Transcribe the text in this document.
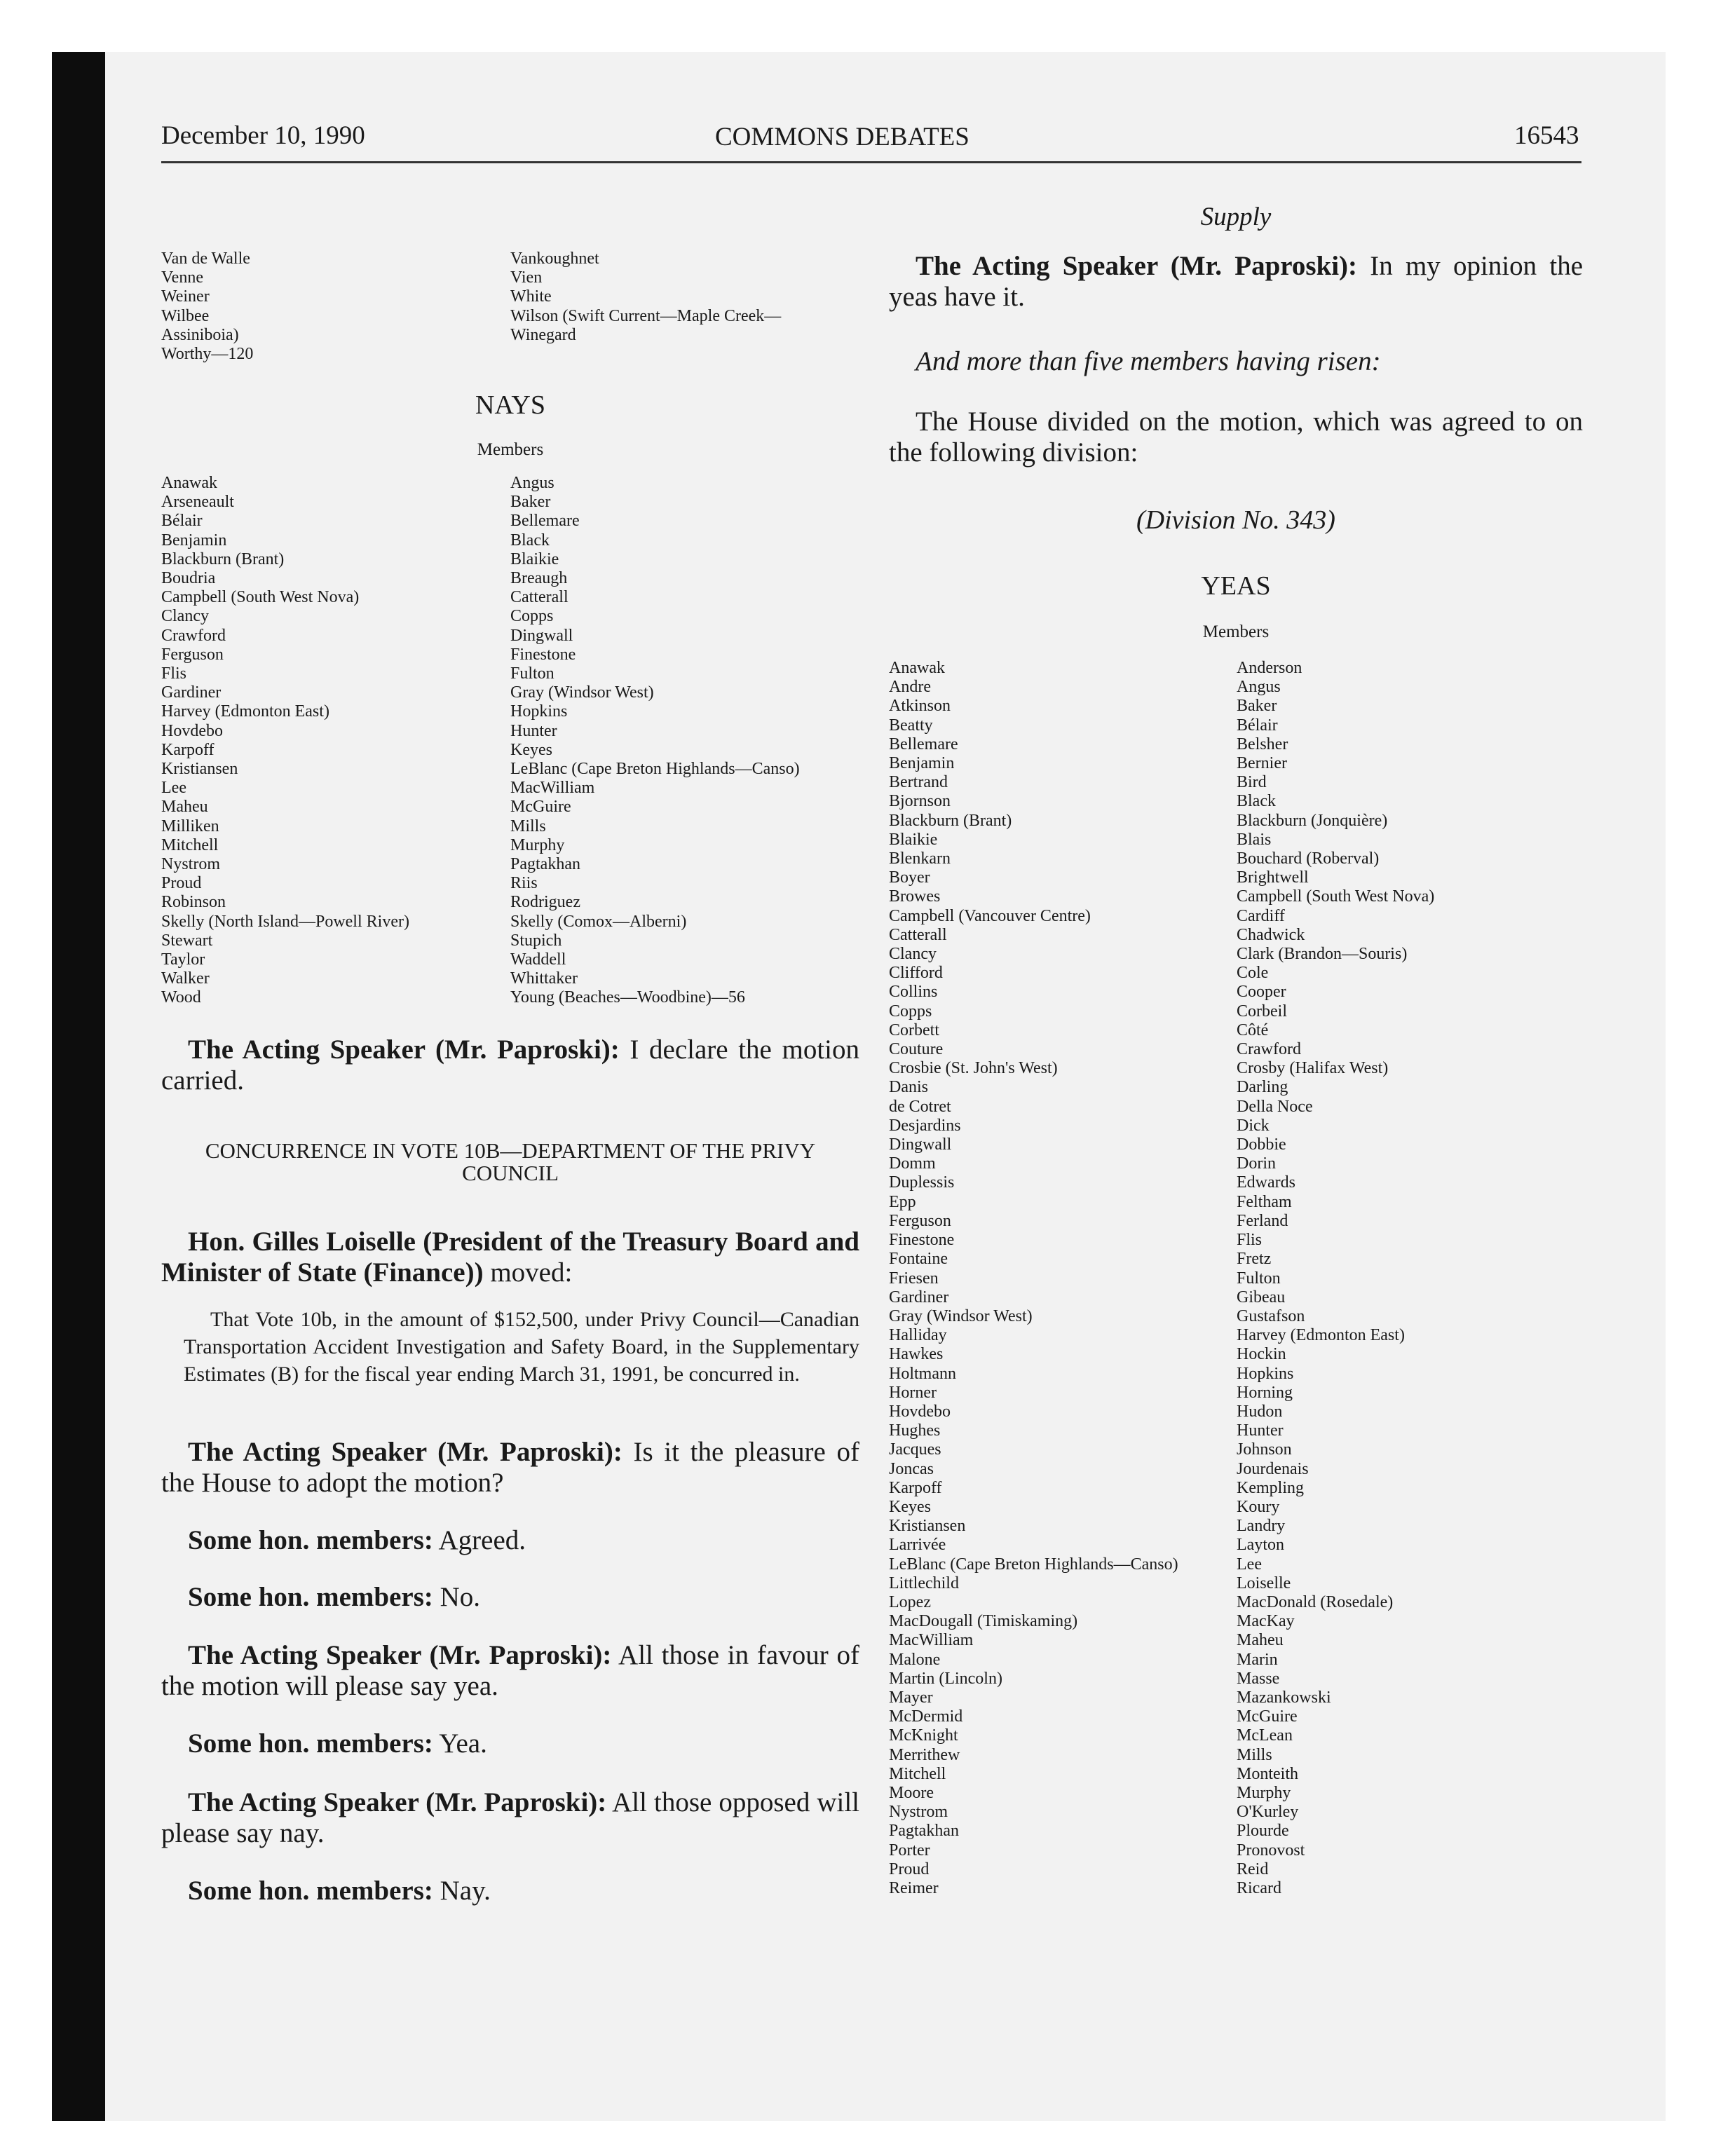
December 10, 1990	COMMONS DEBATES	16543
Van de Walle
Venne
Weiner
Wilbee
Assiniboia)
Worthy—120
Vankoughnet
Vien
White
Wilson (Swift Current—Maple Creek—
Winegard
NAYS
Members
Anawak
Arseneault
Bélair
Benjamin
Blackburn (Brant)
Boudria
Campbell (South West Nova)
Clancy
Crawford
Ferguson
Flis
Gardiner
Harvey (Edmonton East)
Hovdebo
Karpoff
Kristiansen
Lee
Maheu
Milliken
Mitchell
Nystrom
Proud
Robinson
Skelly (North Island—Powell River)
Stewart
Taylor
Walker
Wood
Angus
Baker
Bellemare
Black
Blaikie
Breaugh
Catterall
Copps
Dingwall
Finestone
Fulton
Gray (Windsor West)
Hopkins
Hunter
Keyes
LeBlanc (Cape Breton Highlands—Canso)
MacWilliam
McGuire
Mills
Murphy
Pagtakhan
Riis
Rodriguez
Skelly (Comox—Alberni)
Stupich
Waddell
Whittaker
Young (Beaches—Woodbine)—56
The Acting Speaker (Mr. Paproski): I declare the motion carried.
CONCURRENCE IN VOTE 10B—DEPARTMENT OF THE PRIVY COUNCIL
Hon. Gilles Loiselle (President of the Treasury Board and Minister of State (Finance)) moved:
That Vote 10b, in the amount of $152,500, under Privy Council—Canadian Transportation Accident Investigation and Safety Board, in the Supplementary Estimates (B) for the fiscal year ending March 31, 1991, be concurred in.
The Acting Speaker (Mr. Paproski): Is it the pleasure of the House to adopt the motion?
Some hon. members: Agreed.
Some hon. members: No.
The Acting Speaker (Mr. Paproski): All those in favour of the motion will please say yea.
Some hon. members: Yea.
The Acting Speaker (Mr. Paproski): All those opposed will please say nay.
Some hon. members: Nay.
Supply
The Acting Speaker (Mr. Paproski): In my opinion the yeas have it.
And more than five members having risen:
The House divided on the motion, which was agreed to on the following division:
(Division No. 343)
YEAS
Members
Anawak
Andre
Atkinson
Beatty
Bellemare
Benjamin
Bertrand
Bjornson
Blackburn (Brant)
Blaikie
Blenkarn
Boyer
Browes
Campbell (Vancouver Centre)
Catterall
Clancy
Clifford
Collins
Copps
Corbett
Couture
Crosbie (St. John's West)
Danis
de Cotret
Desjardins
Dingwall
Domm
Duplessis
Epp
Ferguson
Finestone
Fontaine
Friesen
Gardiner
Gray (Windsor West)
Halliday
Hawkes
Holtmann
Horner
Hovdebo
Hughes
Jacques
Joncas
Karpoff
Keyes
Kristiansen
Larrivée
LeBlanc (Cape Breton Highlands—Canso)
Littlechild
Lopez
MacDougall (Timiskaming)
MacWilliam
Malone
Martin (Lincoln)
Mayer
McDermid
McKnight
Merrithew
Mitchell
Moore
Nystrom
Pagtakhan
Porter
Proud
Reimer
Anderson
Angus
Baker
Bélair
Belsher
Bernier
Bird
Black
Blackburn (Jonquière)
Blais
Bouchard (Roberval)
Brightwell
Campbell (South West Nova)
Cardiff
Chadwick
Clark (Brandon—Souris)
Cole
Cooper
Corbeil
Côté
Crawford
Crosby (Halifax West)
Darling
Della Noce
Dick
Dobbie
Dorin
Edwards
Feltham
Ferland
Flis
Fretz
Fulton
Gibeau
Gustafson
Harvey (Edmonton East)
Hockin
Hopkins
Horning
Hudon
Hunter
Johnson
Jourdenais
Kempling
Koury
Landry
Layton
Lee
Loiselle
MacDonald (Rosedale)
MacKay
Maheu
Marin
Masse
Mazankowski
McGuire
McLean
Mills
Monteith
Murphy
O'Kurley
Plourde
Pronovost
Reid
Ricard
